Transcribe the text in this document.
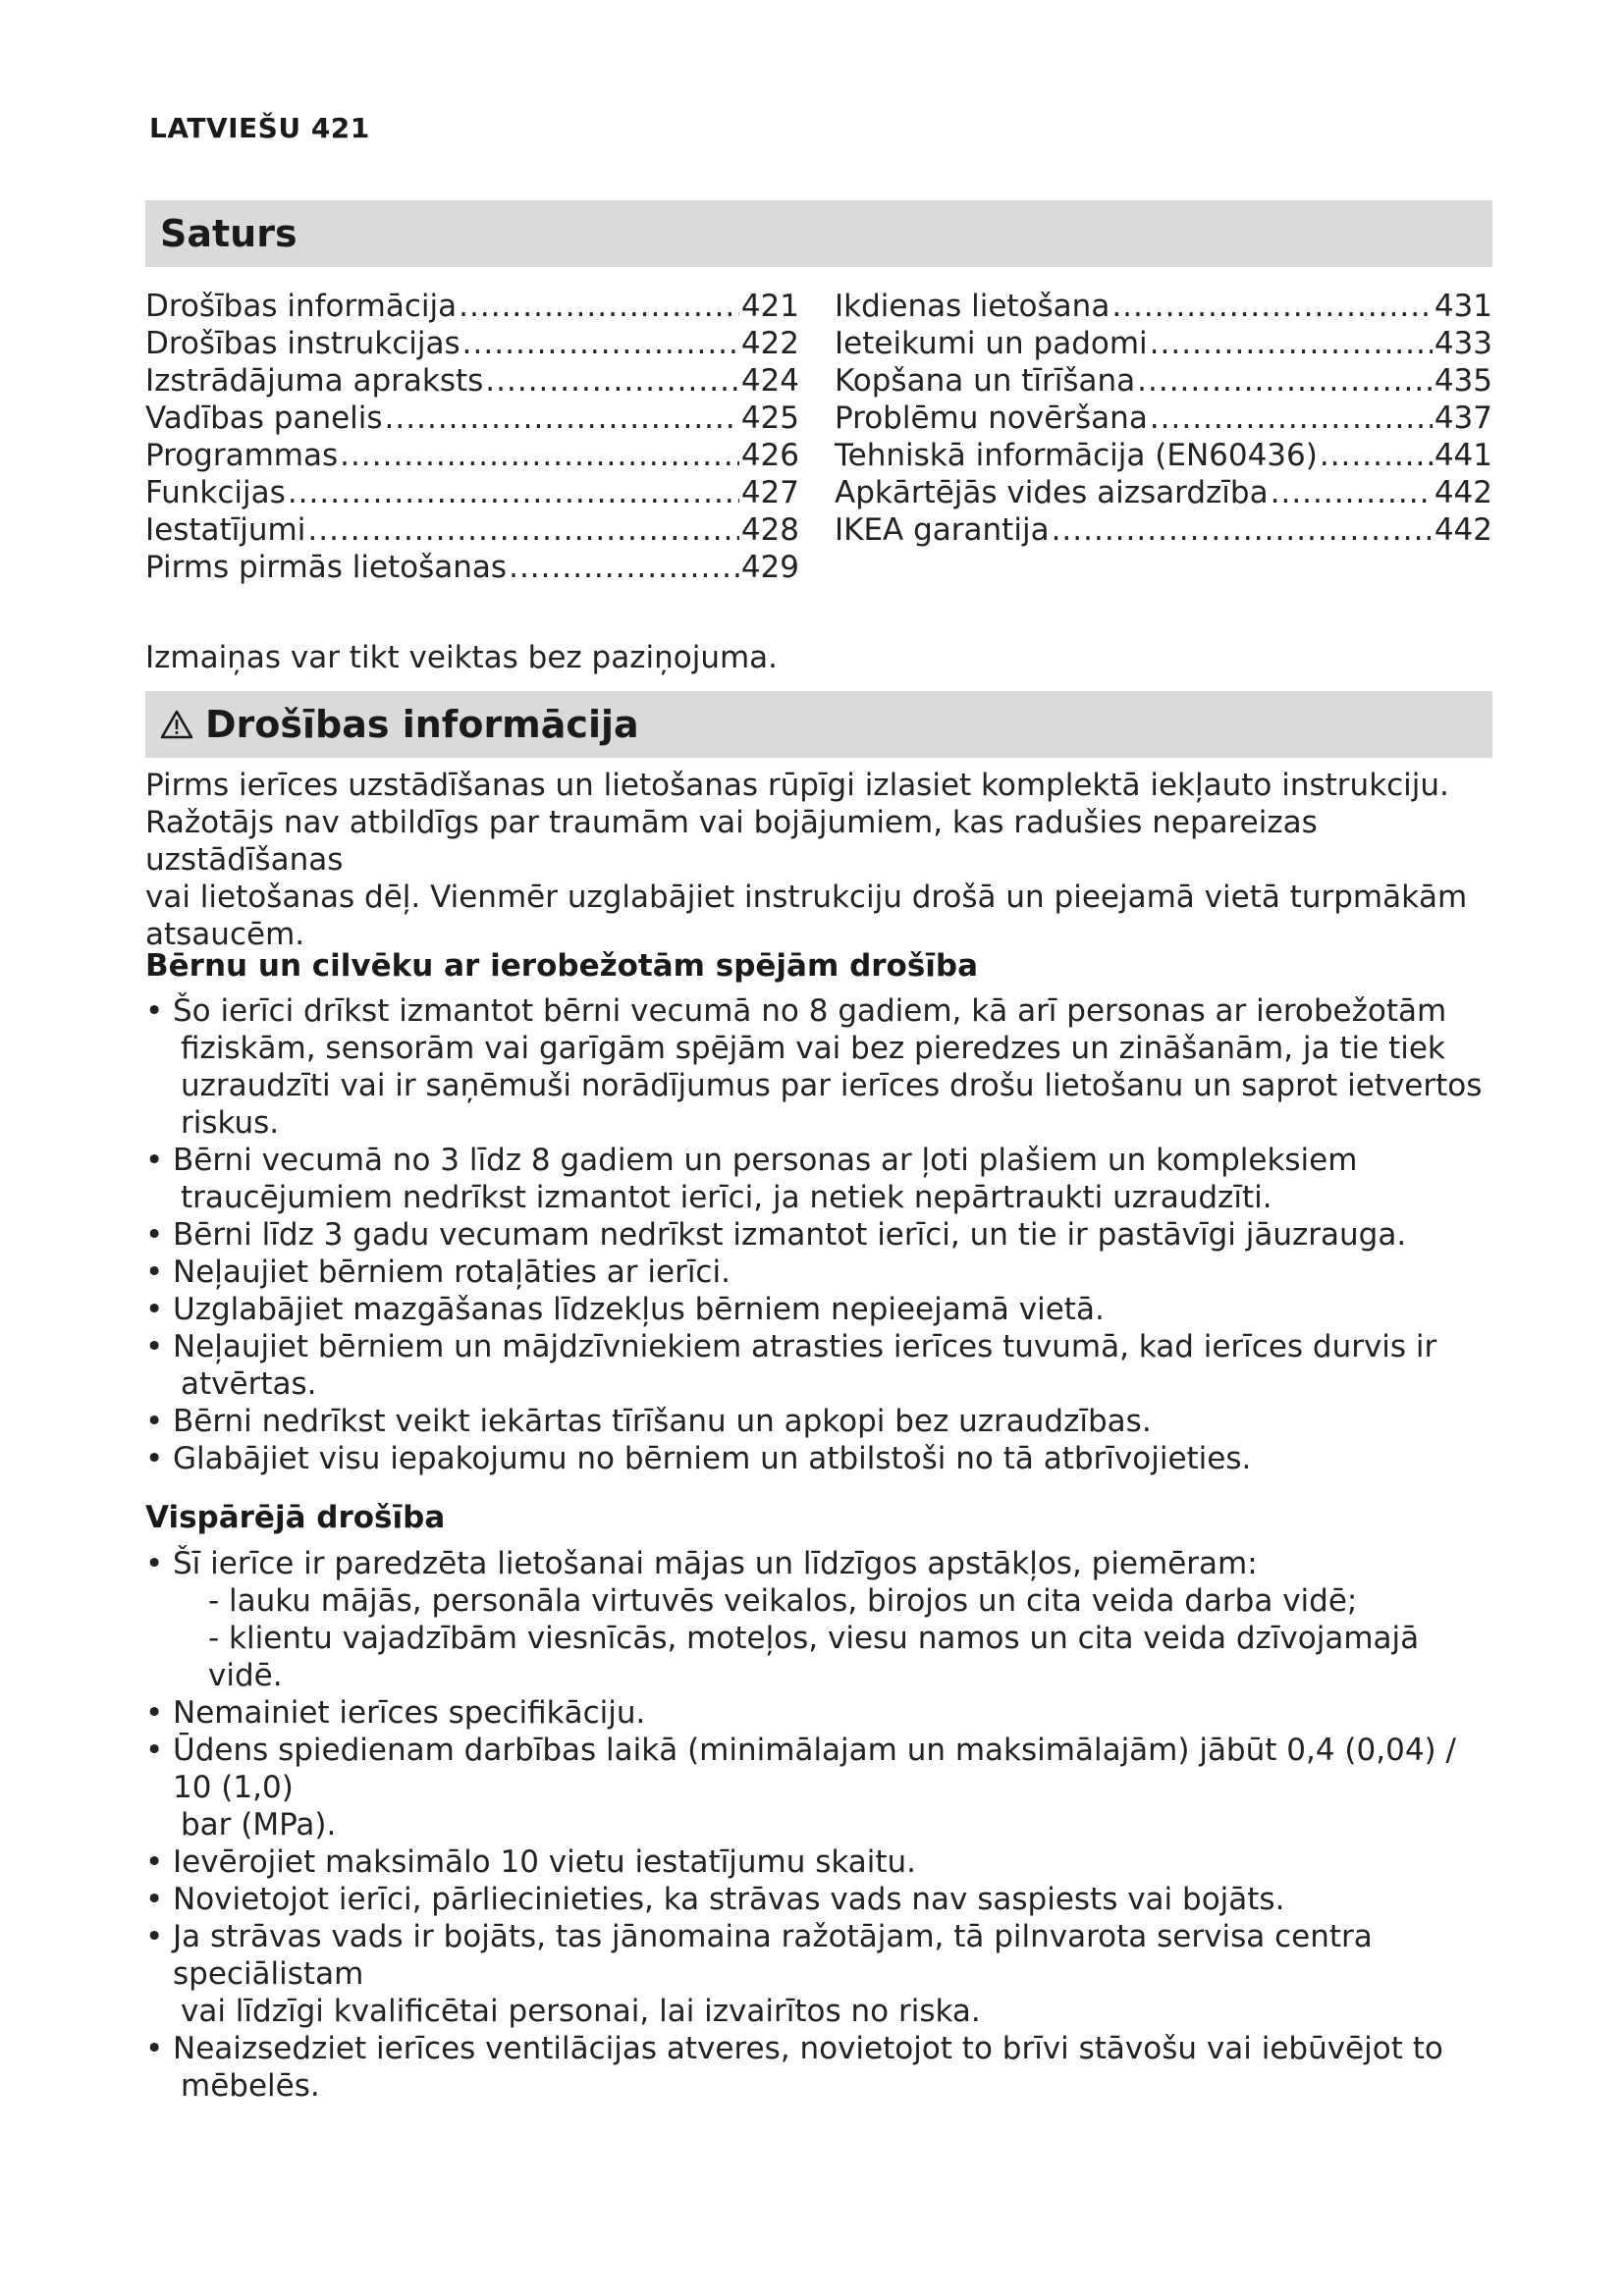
LATVIEŠU 421
Saturs
Drošības informācija .....	421
Drošības instrukcijas .....	422
Izstrādājuma apraksts .....	424
Vadības panelis .....	425
Programmas .....	426
Funkcijas .....	427
Iestatījumi .....	428
Pirms pirmās lietošanas .....	429
Ikdienas lietošana .....	431
Ieteikumi un padomi .....	433
Kopšana un tīrīšana .....	435
Problēmu novēršana .....	437
Tehniskā informācija (EN60436) .....	441
Apkārtējās vides aizsardzība .....	442
IKEA garantija .....	442
Izmaiņas var tikt veiktas bez paziņojuma.
Drošības informācija

Pirms ierīces uzstādīšanas un lietošanas rūpīgi izlasiet komplektā iekļauto instrukciju.
Ražotājs nav atbildīgs par traumām vai bojājumiem, kas radušies nepareizas uzstādīšanas
vai lietošanas dēļ. Vienmēr uzglabājiet instrukciju drošā un pieejamā vietā turpmākām
atsaucēm.

Bērnu un cilvēku ar ierobežotām spējām drošība
• Šo ierīci drīkst izmantot bērni vecumā no 8 gadiem, kā arī personas ar ierobežotām
fiziskām, sensorām vai garīgām spējām vai bez pieredzes un zināšanām, ja tie tiek
uzraudzīti vai ir saņēmuši norādījumus par ierīces drošu lietošanu un saprot ietvertos
riskus.
• Bērni vecumā no 3 līdz 8 gadiem un personas ar ļoti plašiem un kompleksiem
traucējumiem nedrīkst izmantot ierīci, ja netiek nepārtraukti uzraudzīti.
• Bērni līdz 3 gadu vecumam nedrīkst izmantot ierīci, un tie ir pastāvīgi jāuzrauga.
• Neļaujiet bērniem rotaļāties ar ierīci.
• Uzglabājiet mazgāšanas līdzekļus bērniem nepieejamā vietā.
• Neļaujiet bērniem un mājdzīvniekiem atrasties ierīces tuvumā, kad ierīces durvis ir
atvērtas.
• Bērni nedrīkst veikt iekārtas tīrīšanu un apkopi bez uzraudzības.
• Glabājiet visu iepakojumu no bērniem un atbilstoši no tā atbrīvojieties.
Vispārējā drošība
• Šī ierīce ir paredzēta lietošanai mājas un līdzīgos apstākļos, piemēram:
- lauku mājās, personāla virtuvēs veikalos, birojos un cita veida darba vidē;
- klientu vajadzībām viesnīcās, moteļos, viesu namos un cita veida dzīvojamajā vidē.
• Nemainiet ierīces specifikāciju.
• Ūdens spiedienam darbības laikā (minimālajam un maksimālajām) jābūt 0,4 (0,04) / 10 (1,0)
bar (MPa).
• Ievērojiet maksimālo 10 vietu iestatījumu skaitu.
• Novietojot ierīci, pārliecinieties, ka strāvas vads nav saspiests vai bojāts.
• Ja strāvas vads ir bojāts, tas jānomaina ražotājam, tā pilnvarota servisa centra speciālistam
vai līdzīgi kvalificētai personai, lai izvairītos no riska.
• Neaizsedziet ierīces ventilācijas atveres, novietojot to brīvi stāvošu vai iebūvējot to
mēbelēs.
